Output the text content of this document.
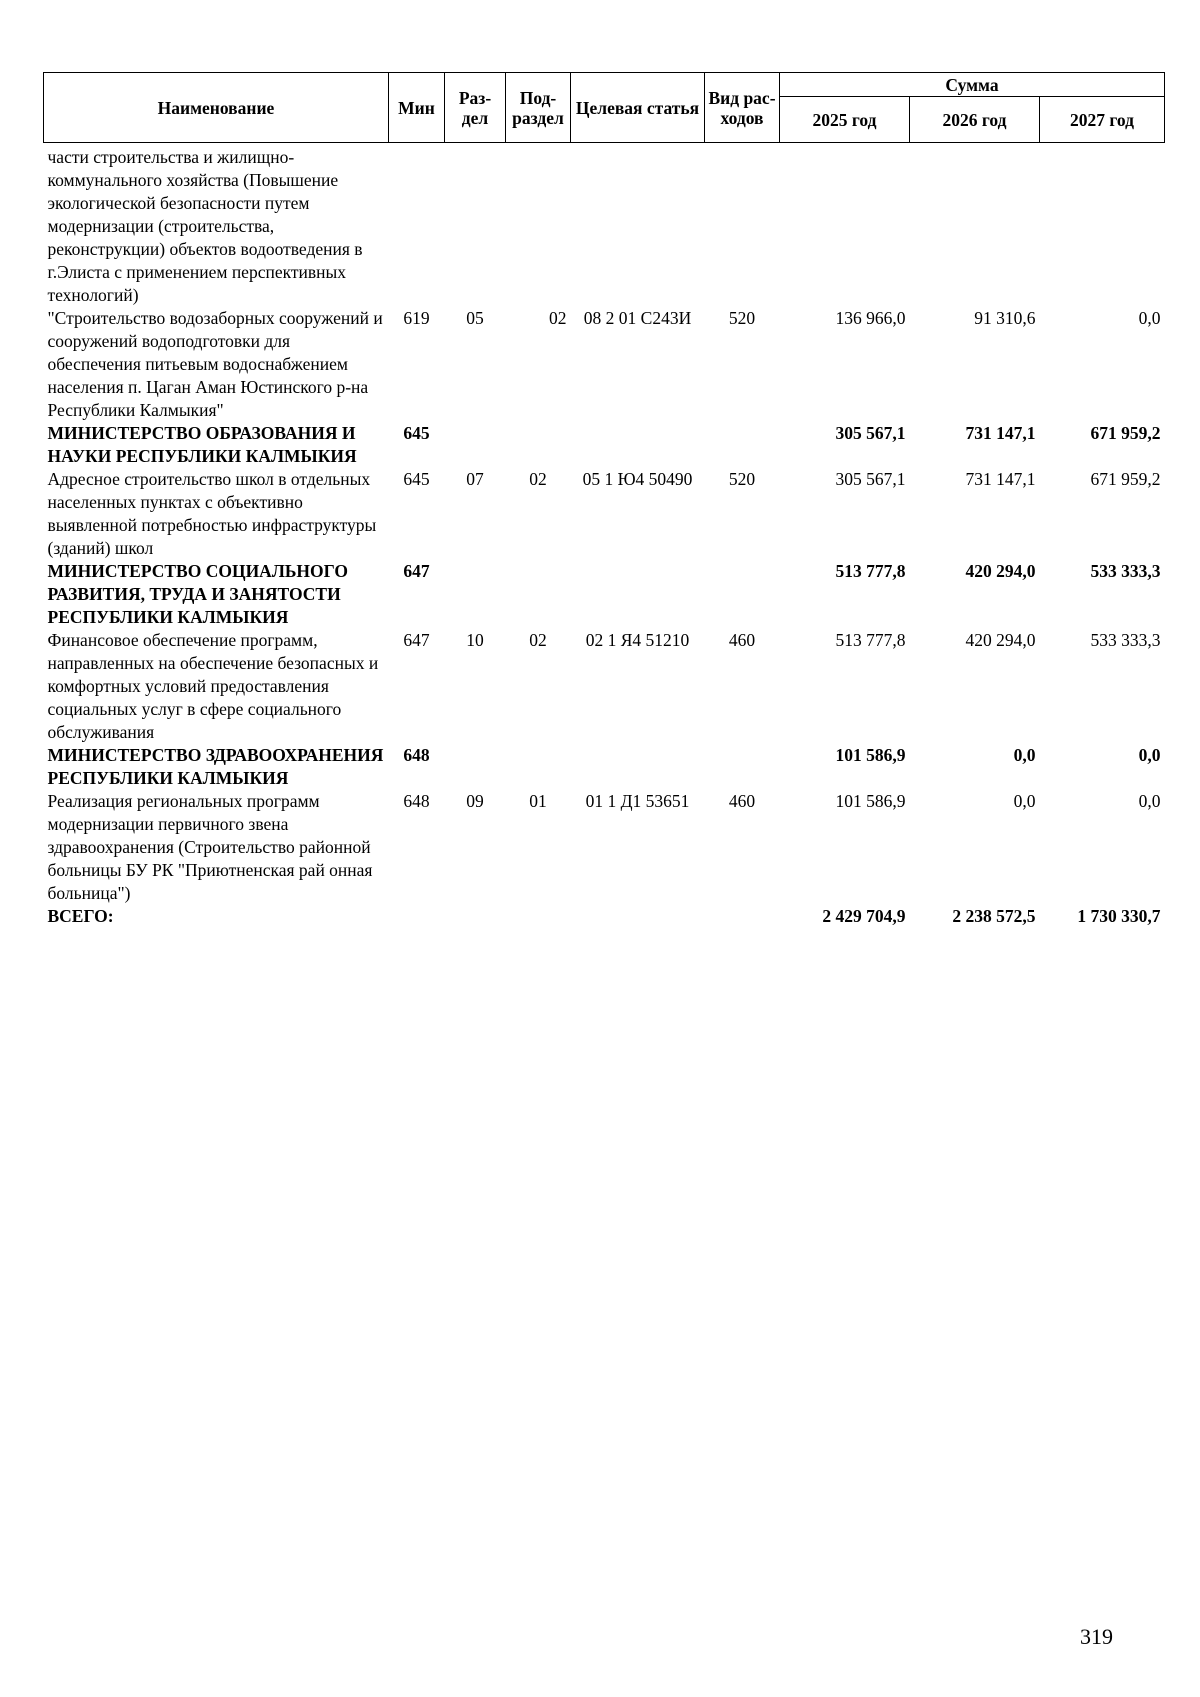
Наименование	Мин	Раз-дел	Под-раздел	Целевая статья	Вид рас-ходов	Сумма		
						2025 год	2026 год	2027 год
части строительства и жилищно-коммунального хозяйства (Повышение экологической безопасности путем модернизации (строительства, реконструкции) объектов водоотведения в г.Элиста с применением перспективных технологий)								
"Строительство водозаборных сооружений и сооружений водоподготовки для обеспечения питьевым водоснабжением населения п. Цаган Аман Юстинского р-на Республики Калмыкия"	619	05	02	08 2 01 С243И	520	136 966,0	91 310,6	0,0
МИНИСТЕРСТВО ОБРАЗОВАНИЯ И НАУКИ РЕСПУБЛИКИ КАЛМЫКИЯ	645					305 567,1	731 147,1	671 959,2
Адресное строительство школ в отдельных населенных пунктах с объективно выявленной потребностью инфраструктуры (зданий) школ	645	07	02	05 1 Ю4 50490	520	305 567,1	731 147,1	671 959,2
МИНИСТЕРСТВО СОЦИАЛЬНОГО РАЗВИТИЯ, ТРУДА И ЗАНЯТОСТИ РЕСПУБЛИКИ КАЛМЫКИЯ	647					513 777,8	420 294,0	533 333,3
Финансовое обеспечение программ, направленных на обеспечение безопасных и комфортных условий предоставления социальных услуг в сфере социального обслуживания	647	10	02	02 1 Я4 51210	460	513 777,8	420 294,0	533 333,3
МИНИСТЕРСТВО ЗДРАВООХРАНЕНИЯ РЕСПУБЛИКИ КАЛМЫКИЯ	648					101 586,9	0,0	0,0
Реализация региональных программ модернизации первичного звена здравоохранения (Строительство районной больницы БУ РК "Приютненская рай онная больница")	648	09	01	01 1 Д1 53651	460	101 586,9	0,0	0,0
ВСЕГО:						2 429 704,9	2 238 572,5	1 730 330,7
319
